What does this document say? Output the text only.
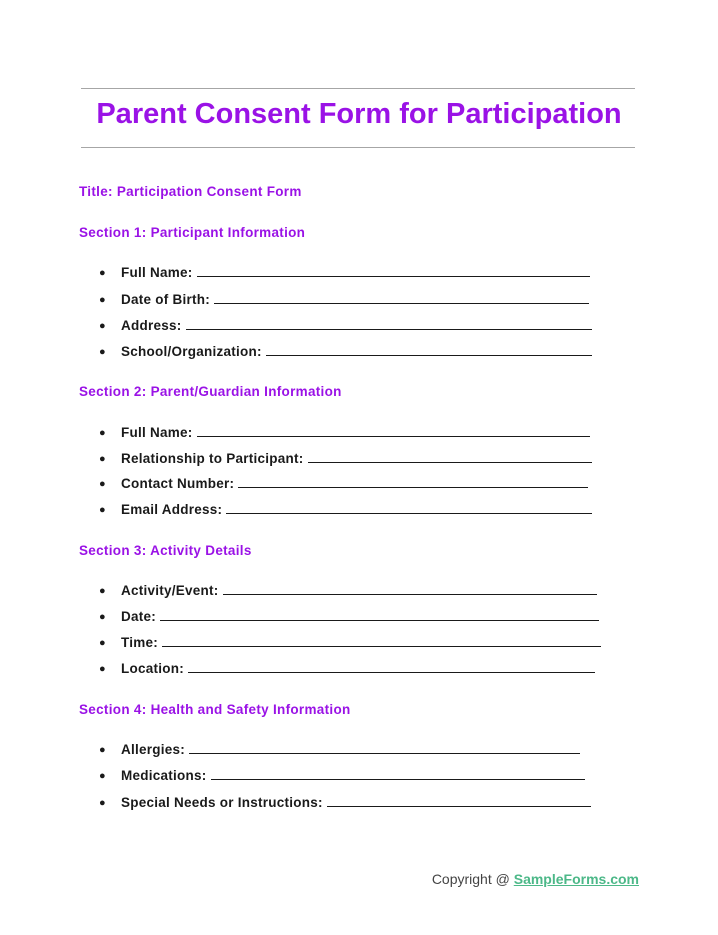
Parent Consent Form for Participation
Title: Participation Consent Form
Section 1: Participant Information
● Full Name:
● Date of Birth:
● Address:
● School/Organization:
Section 2: Parent/Guardian Information
● Full Name:
● Relationship to Participant:
● Contact Number:
● Email Address:
Section 3: Activity Details
● Activity/Event:
● Date:
● Time:
● Location:
Section 4: Health and Safety Information
● Allergies:
● Medications:
● Special Needs or Instructions:
Copyright @ SampleForms.com
